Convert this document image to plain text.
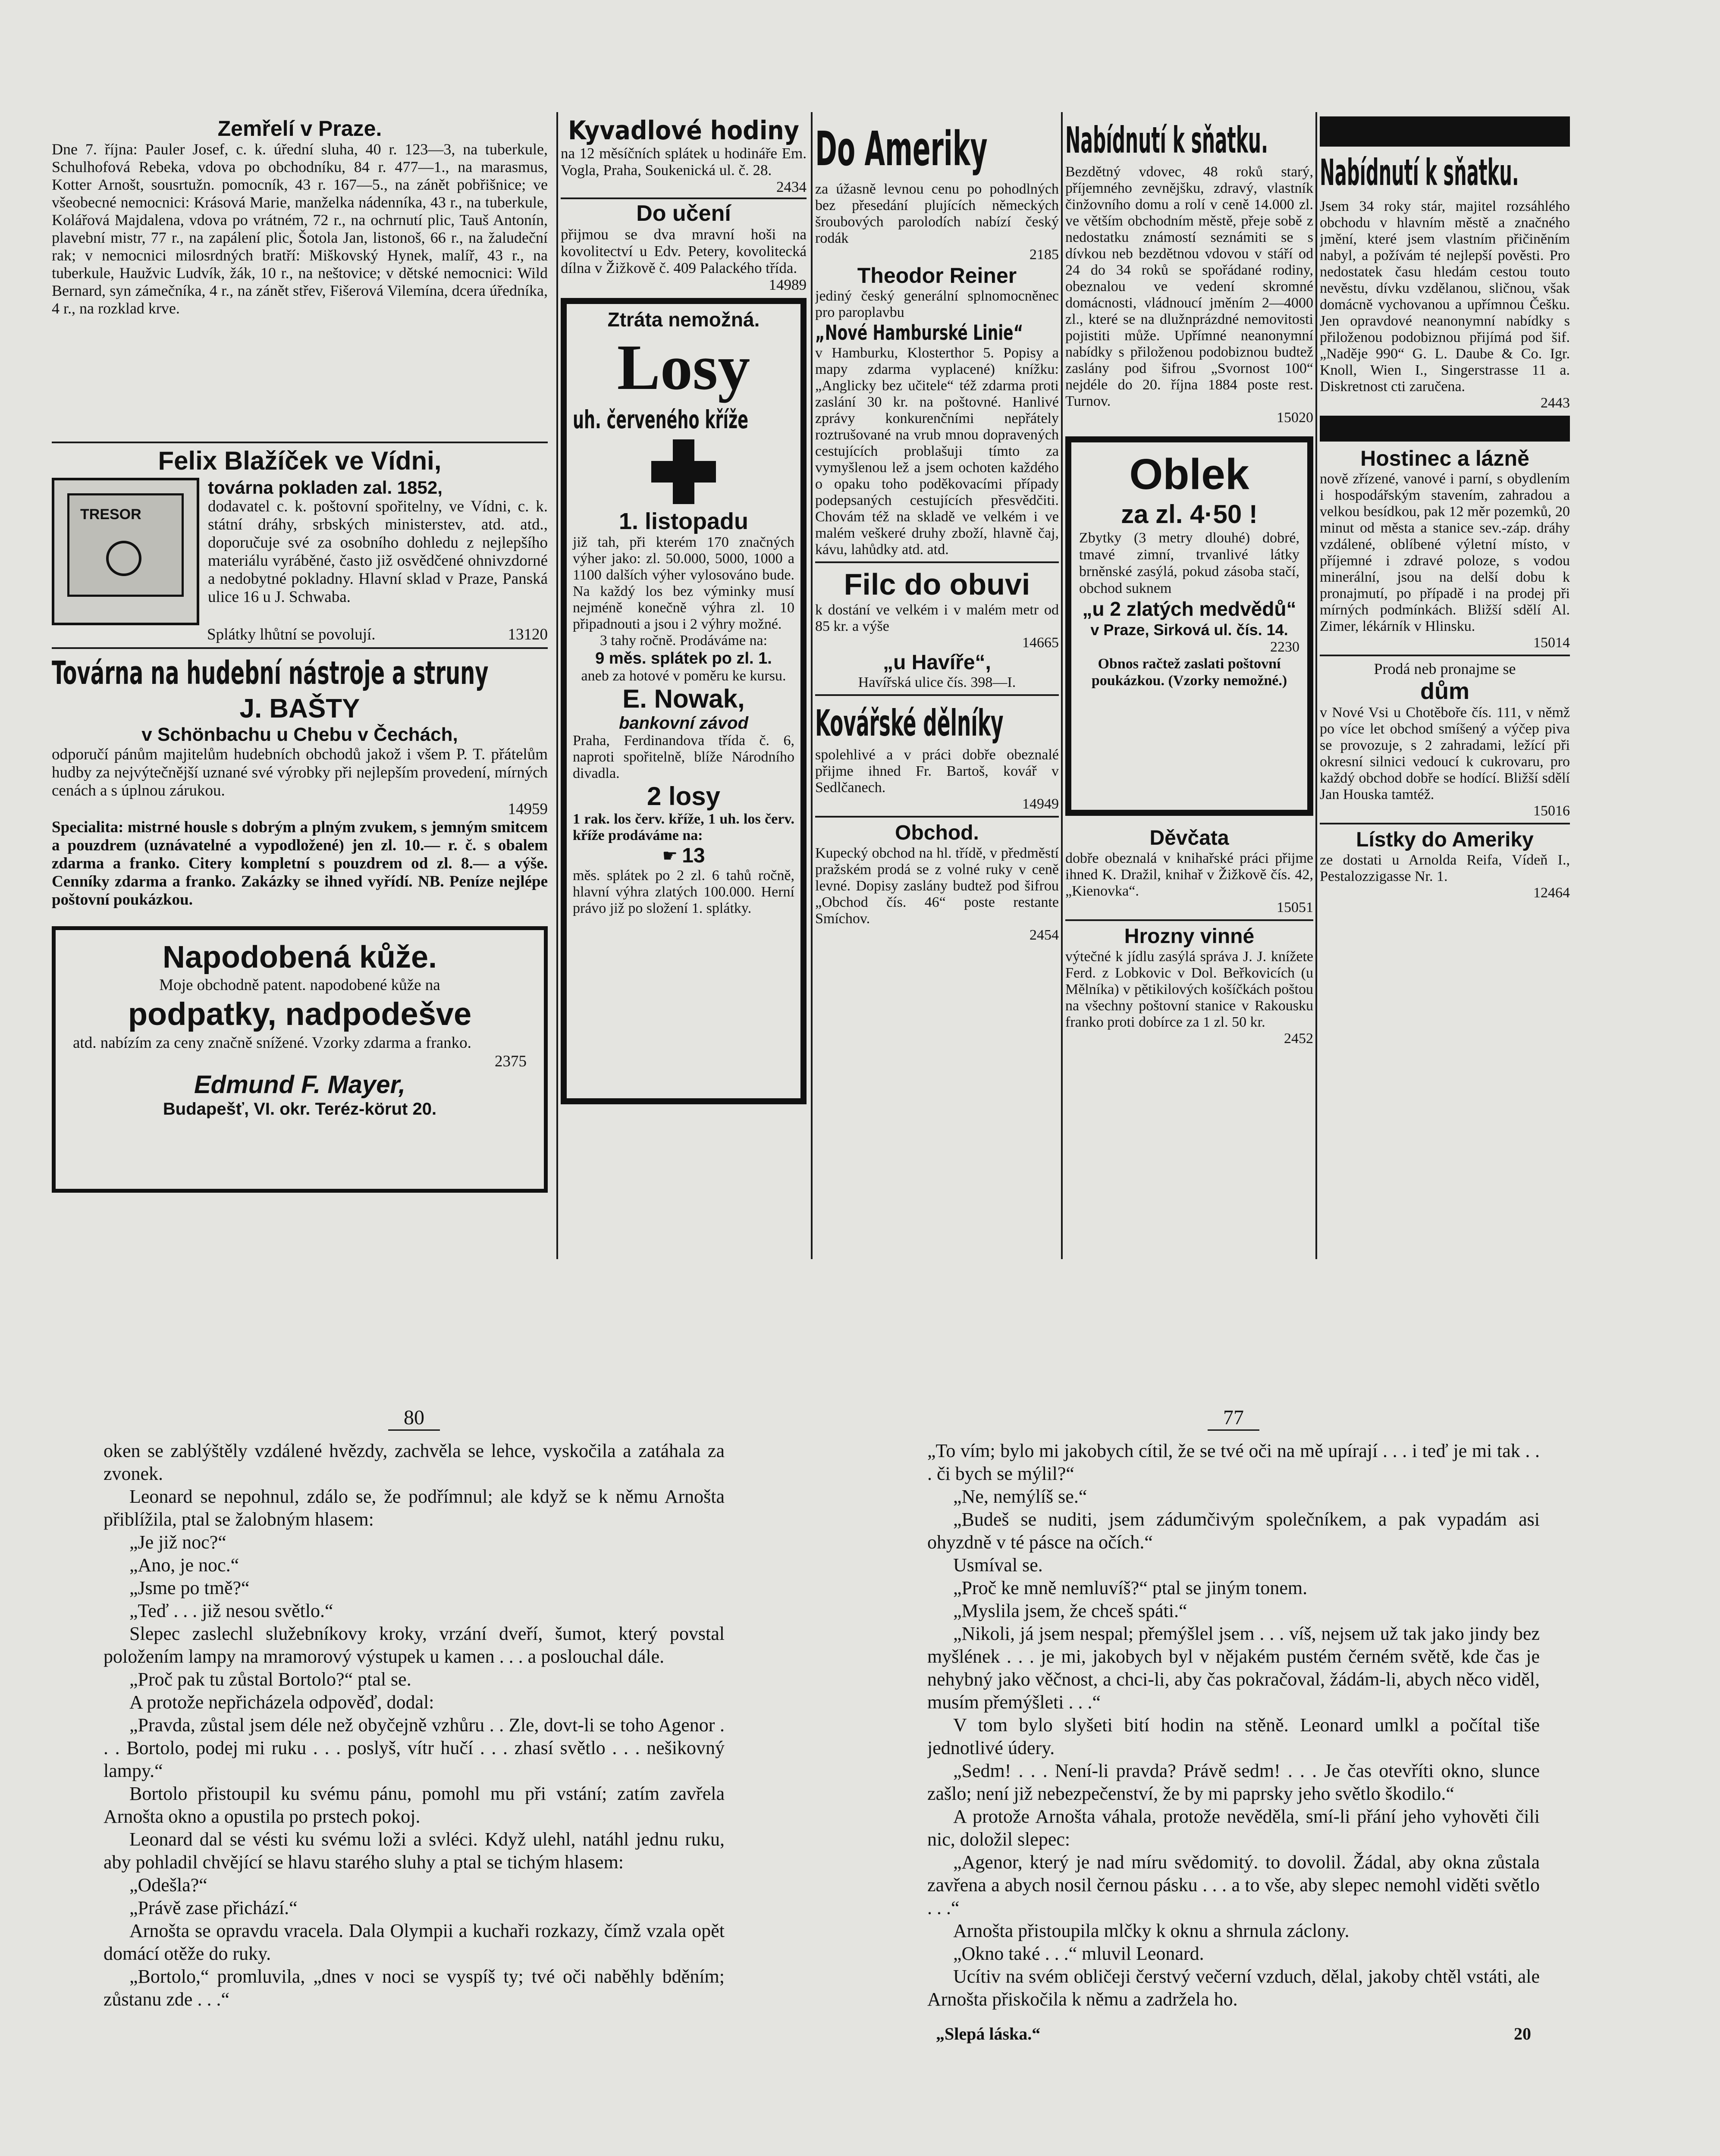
Zemřelí v Praze.
Dne 7. října: Pauler Josef, c. k. úřední sluha, 40 r. 123—3, na tuberkule, Schulhofová Rebeka, vdova po obchodníku, 84 r. 477—1., na marasmus, Kotter Arnošt, sousrtužn. pomocník, 43 r. 167—5., na zánět pobřišnice; ve všeobecné nemocnici: Krásová Marie, manželka nádenníka, 43 r., na tuberkule, Kolářová Majdalena, vdova po vrátném, 72 r., na ochrnutí plic, Tauš Antonín, plavební mistr, 77 r., na zapálení plic, Šotola Jan, listonoš, 66 r., na žaludeční rak; v nemocnici milosrdných bratří: Miškovský Hynek, malíř, 43 r., na tuberkule, Haužvic Ludvík, žák, 10 r., na neštovice; v dětské nemocnici: Wild Bernard, syn zámečníka, 4 r., na zánět střev, Fišerová Vilemína, dcera úředníka, 4 r., na rozklad krve.
Felix Blažíček ve Vídni,
TRESOR
továrna pokladen zal. 1852,
dodavatel c. k. poštovní spořitelny, ve Vídni, c. k. státní dráhy, srbských ministerstev, atd. atd., doporučuje své za osobního dohledu z nejlepšího materiálu vyráběné, často již osvědčené ohnivzdorné a nedobytné pokladny. Hlavní sklad v Praze, Panská ulice 16 u J. Schwaba.
Splátky lhůtní se povolují.	13120
Továrna na hudební nástroje a struny
J. BAŠTY
v Schönbachu u Chebu v Čechách,
odporučí pánům majitelům hudebních obchodů jakož i všem P. T. přátelům hudby za nejvýtečnější uznané své výrobky při nejlepším provedení, mírných cenách a s úplnou zárukou.
14959
Specialita: mistrné housle s dobrým a plným zvukem, s jemným smitcem a pouzdrem (uznávatelné a vypodložené) jen zl. 10.— r. č. s obalem zdarma a franko. Citery kompletní s pouzdrem od zl. 8.— a výše. Cenníky zdarma a franko. Zakázky se ihned vyřídí. NB. Peníze nejlépe poštovní poukázkou.
Napodobená kůže.
Moje obchodně patent. napodobené kůže na
podpatky, nadpodešve
atd. nabízím za ceny značně snížené. Vzorky zdarma a franko.
2375
Edmund F. Mayer,
Budapešť, VI. okr. Teréz-körut 20.
Kyvadlové hodiny
na 12 měsíčních splátek u hodináře Em. Vogla, Praha, Soukenická ul. č. 28.
2434
Do učení
přijmou se dva mravní hoši na kovolitectví u Edv. Petery, kovolitecká dílna v Žižkově č. 409 Palackého třída.
14989
Ztráta nemožná.
Losy
uh. červeného kříže
1. listopadu
již tah, při kterém 170 značných výher jako: zl. 50.000, 5000, 1000 a 1100 dalších výher vylosováno bude. Na každý los bez výminky musí nejméně konečně výhra zl. 10 připadnouti a jsou i 2 výhry možné.
3 tahy ročně. Prodáváme na:
9 měs. splátek po zl. 1.
aneb za hotové v poměru ke kursu.
E. Nowak,
bankovní závod
Praha, Ferdinandova třída č. 6, naproti spořitelně, blíže Národního divadla.
2 losy
1 rak. los červ. kříže, 1 uh. los červ. kříže prodáváme na:
☛ 13
měs. splátek po 2 zl. 6 tahů ročně, hlavní výhra zlatých 100.000. Herní právo již po složení 1. splátky.
Do Ameriky
za úžasně levnou cenu po pohodlných bez přesedání plujících německých šroubových parolodích nabízí český rodák
2185
Theodor Reiner
jediný český generální splnomocněnec pro paroplavbu
„Nové Hamburské Linie“
v Hamburku, Klosterthor 5. Popisy a mapy zdarma vyplacené) knížku: „Anglicky bez učitele“ též zdarma proti zaslání 30 kr. na poštovné. Hanlivé zprávy konkurenčními nepřátely roztrušované na vrub mnou dopravených cestujících problašuji tímto za vymyšlenou lež a jsem ochoten každého o opaku toho poděkovacími případy podepsaných cestujících přesvědčiti. Chovám též na skladě ve velkém i ve malém veškeré druhy zboží, hlavně čaj, kávu, lahůdky atd. atd.
Filc do obuvi
k dostání ve velkém i v malém metr od 85 kr. a výše
14665
„u Havíře“,
Havířská ulice čís. 398—I.
Kovářské dělníky
spolehlivé a v práci dobře obeznalé přijme ihned Fr. Bartoš, kovář v Sedlčanech.
14949
Obchod.
Kupecký obchod na hl. třídě, v předměstí pražském prodá se z volné ruky v ceně levné. Dopisy zaslány budtež pod šifrou „Obchod čís. 46“ poste restante Smíchov.
2454
Nabídnutí k sňatku.
Bezdětný vdovec, 48 roků starý, příjemného zevnějšku, zdravý, vlastník činžovního domu a rolí v ceně 14.000 zl. ve větším obchodním městě, přeje sobě z nedostatku známostí seznámiti se s dívkou neb bezdětnou vdovou v stáří od 24 do 34 roků se spořádané rodiny, obeznalou ve vedení skromné domácnosti, vládnoucí jměním 2—4000 zl., které se na dlužnprázdné nemovitosti pojistiti může. Upřímné neanonymní nabídky s přiloženou podobiznou budtež zaslány pod šifrou „Svornost 100“ nejdéle do 20. října 1884 poste rest. Turnov.
15020
Oblek
za zl. 4·50 !
Zbytky (3 metry dlouhé) dobré, tmavé zimní, trvanlivé látky brněnské zasýlá, pokud zásoba stačí, obchod suknem
„u 2 zlatých medvědů“
v Praze, Sirková ul. čís. 14.
2230
Obnos račtež zaslati poštovní poukázkou. (Vzorky nemožné.)
Děvčata
dobře obeznalá v knihařské práci přijme ihned K. Dražil, knihař v Žižkově čís. 42, „Kienovka“.
15051
Hrozny vinné
výtečné k jídlu zasýlá správa J. J. knížete Ferd. z Lobkovic v Dol. Beřkovicích (u Mělníka) v pětikilových košíčkách poštou na všechny poštovní stanice v Rakousku franko proti dobírce za 1 zl. 50 kr.
2452
Nabídnutí k sňatku.
Jsem 34 roky stár, majitel rozsáhlého obchodu v hlavním městě a značného jmění, které jsem vlastním přičiněním nabyl, a požívám té nejlepší pověsti. Pro nedostatek času hledám cestou touto nevěstu, dívku vzdělanou, sličnou, však domácně vychovanou a upřímnou Češku. Jen opravdové neanonymní nabídky s přiloženou podobiznou přijímá pod šif. „Naděje 990“ G. L. Daube & Co. Igr. Knoll, Wien I., Singerstrasse 11 a. Diskretnost cti zaručena.
2443
Hostinec a lázně
nově zřízené, vanové i parní, s obydlením i hospodářským stavením, zahradou a velkou besídkou, pak 12 měr pozemků, 20 minut od města a stanice sev.-záp. dráhy vzdálené, oblíbené výletní místo, v příjemné i zdravé poloze, s vodou minerální, jsou na delší dobu k pronajmutí, po případě i na prodej při mírných podmínkách. Bližší sdělí Al. Zimer, lékárník v Hlinsku.
15014
Prodá neb pronajme se
dům
v Nové Vsi u Chotěboře čís. 111, v němž po více let obchod smíšený a výčep piva se provozuje, s 2 zahradami, ležící při okresní silnici vedoucí k cukrovaru, pro každý obchod dobře se hodící. Bližší sdělí Jan Houska tamtéž.
15016
Lístky do Ameriky
ze dostati u Arnolda Reifa, Vídeň I., Pestalozzigasse Nr. 1.
12464
80

oken se zablýštěly vzdálené hvězdy, zachvěla se lehce, vyskočila a zatáhala za zvonek.

Leonard se nepohnul, zdálo se, že podřímnul; ale když se k němu Arnošta přiblížila, ptal se žalobným hlasem:

„Je již noc?“

„Ano, je noc.“

„Jsme po tmě?“

„Teď . . . již nesou světlo.“

Slepec zaslechl služebníkovy kroky, vrzání dveří, šumot, který povstal položením lampy na mramorový výstupek u kamen . . . a poslouchal dále.

„Proč pak tu zůstal Bortolo?“ ptal se.

A protože nepřicházela odpověď, dodal:

„Pravda, zůstal jsem déle než obyčejně vzhůru . . Zle, dovt-li se toho Agenor . . . Bortolo, podej mi ruku . . . poslyš, vítr hučí . . . zhasí světlo . . . nešikovný lampy.“

Bortolo přistoupil ku svému pánu, pomohl mu při vstání; zatím zavřela Arnošta okno a opustila po prstech pokoj.

Leonard dal se vésti ku svému loži a svléci. Když ulehl, natáhl jednu ruku, aby pohladil chvějící se hlavu starého sluhy a ptal se tichým hlasem:

„Odešla?“

„Právě zase přichází.“

Arnošta se opravdu vracela. Dala Olympii a kuchaři rozkazy, čímž vzala opět domácí otěže do ruky.

„Bortolo,“ promluvila, „dnes v noci se vyspíš ty; tvé oči naběhly bděním; zůstanu zde . . .“

77

„To vím; bylo mi jakobych cítil, že se tvé oči na mě upírají . . . i teď je mi tak . . . či bych se mýlil?“

„Ne, nemýlíš se.“

„Budeš se nuditi, jsem zádumčivým společníkem, a pak vypadám asi ohyzdně v té pásce na očích.“

Usmíval se.

„Proč ke mně nemluvíš?“ ptal se jiným tonem.

„Myslila jsem, že chceš spáti.“

„Nikoli, já jsem nespal; přemýšlel jsem . . . víš, nejsem už tak jako jindy bez myšlének . . . je mi, jakobych byl v nějakém pustém černém světě, kde čas je nehybný jako věčnost, a chci-li, aby čas pokračoval, žádám-li, abych něco viděl, musím přemýšleti . . .“

V tom bylo slyšeti bití hodin na stěně. Leonard umlkl a počítal tiše jednotlivé údery.

„Sedm! . . . Není-li pravda? Právě sedm! . . . Je čas otevříti okno, slunce zašlo; není již nebezpečenství, že by mi paprsky jeho světlo škodilo.“

A protože Arnošta váhala, protože nevěděla, smí-li přání jeho vyhověti čili nic, doložil slepec:

„Agenor, který je nad míru svědomitý. to dovolil. Žádal, aby okna zůstala zavřena a abych nosil černou pásku . . . a to vše, aby slepec nemohl viděti světlo . . .“

Arnošta přistoupila mlčky k oknu a shrnula záclony.

„Okno také . . .“ mluvil Leonard.

Ucítiv na svém obličeji čerstvý večerní vzduch, dělal, jakoby chtěl vstáti, ale Arnošta přiskočila k němu a zadržela ho.

„Slepá láska.“	20
